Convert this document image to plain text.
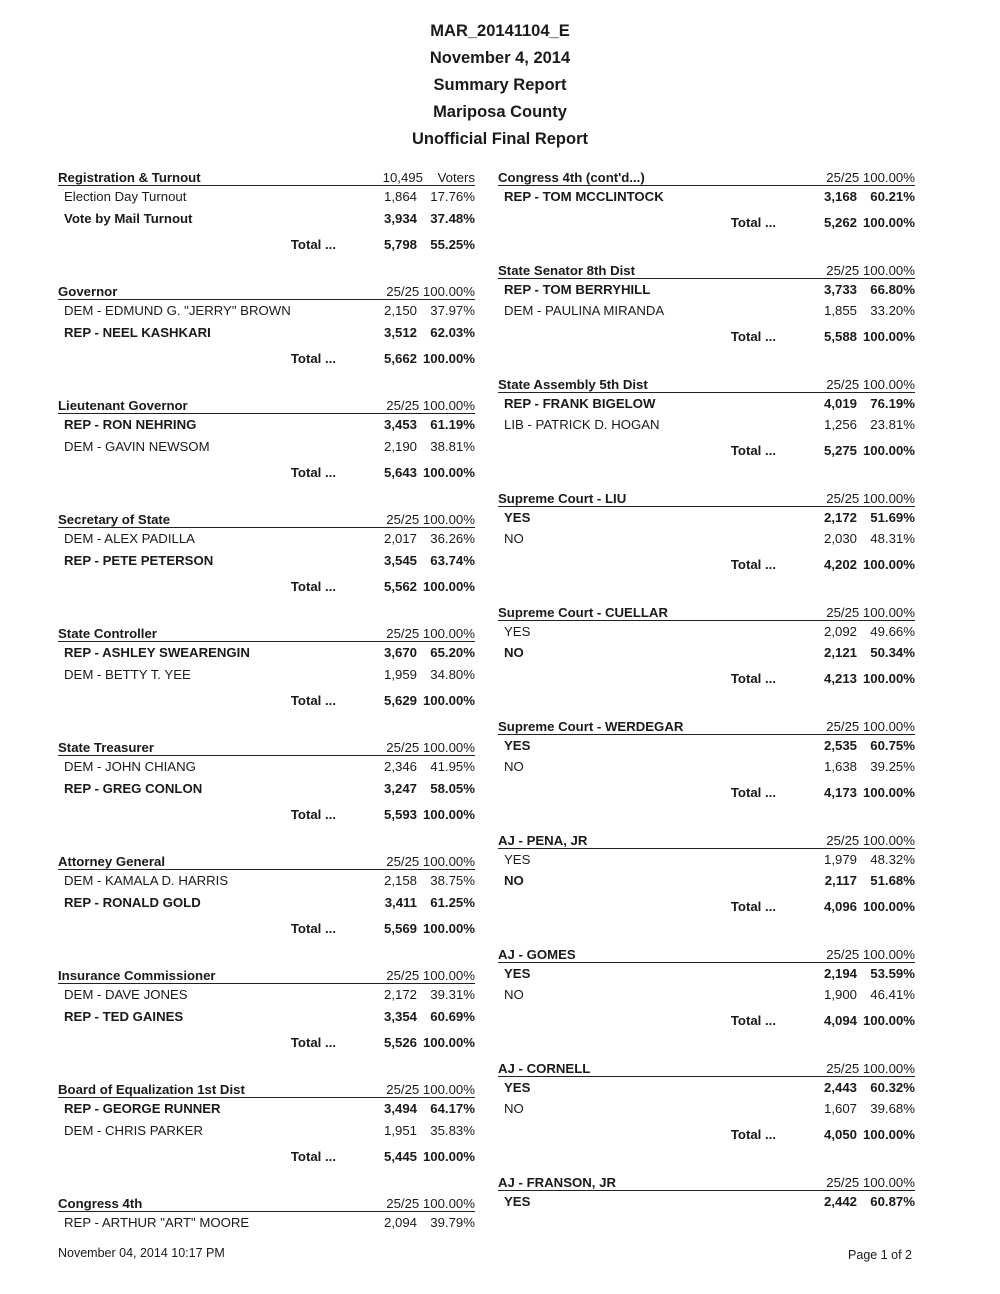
MAR_20141104_E
November 4, 2014
Summary Report
Mariposa County
Unofficial Final Report
Registration & Turnout	10,495    Voters
Election Day Turnout	1,864	17.76%
Vote by Mail Turnout	3,934	37.48%
Total ...	5,798	55.25%
Governor	25/25 100.00%
DEM - EDMUND G. "JERRY" BROWN	2,150	37.97%
REP - NEEL KASHKARI	3,512	62.03%
Total ...	5,662 100.00%
Lieutenant Governor	25/25 100.00%
REP - RON NEHRING	3,453	61.19%
DEM - GAVIN NEWSOM	2,190	38.81%
Total ...	5,643 100.00%
Secretary of State	25/25 100.00%
DEM - ALEX PADILLA	2,017	36.26%
REP - PETE PETERSON	3,545	63.74%
Total ...	5,562 100.00%
State Controller	25/25 100.00%
REP - ASHLEY SWEARENGIN	3,670	65.20%
DEM - BETTY T. YEE	1,959	34.80%
Total ...	5,629 100.00%
State Treasurer	25/25 100.00%
DEM - JOHN CHIANG	2,346	41.95%
REP - GREG CONLON	3,247	58.05%
Total ...	5,593 100.00%
Attorney General	25/25 100.00%
DEM - KAMALA D. HARRIS	2,158	38.75%
REP - RONALD GOLD	3,411	61.25%
Total ...	5,569 100.00%
Insurance Commissioner	25/25 100.00%
DEM - DAVE JONES	2,172	39.31%
REP - TED GAINES	3,354	60.69%
Total ...	5,526 100.00%
Board of Equalization 1st Dist	25/25 100.00%
REP - GEORGE RUNNER	3,494	64.17%
DEM - CHRIS PARKER	1,951	35.83%
Total ...	5,445 100.00%
Congress 4th	25/25 100.00%
REP - ARTHUR "ART" MOORE	2,094	39.79%
Congress 4th (cont'd...)	25/25 100.00%
REP - TOM MCCLINTOCK	3,168	60.21%
Total ...	5,262 100.00%
State Senator 8th Dist	25/25 100.00%
REP - TOM BERRYHILL	3,733	66.80%
DEM - PAULINA MIRANDA	1,855	33.20%
Total ...	5,588 100.00%
State Assembly 5th Dist	25/25 100.00%
REP - FRANK BIGELOW	4,019	76.19%
LIB - PATRICK D. HOGAN	1,256	23.81%
Total ...	5,275 100.00%
Supreme Court - LIU	25/25 100.00%
YES	2,172	51.69%
NO	2,030	48.31%
Total ...	4,202 100.00%
Supreme Court - CUELLAR	25/25 100.00%
YES	2,092	49.66%
NO	2,121	50.34%
Total ...	4,213 100.00%
Supreme Court - WERDEGAR	25/25 100.00%
YES	2,535	60.75%
NO	1,638	39.25%
Total ...	4,173 100.00%
AJ - PENA, JR	25/25 100.00%
YES	1,979	48.32%
NO	2,117	51.68%
Total ...	4,096 100.00%
AJ - GOMES	25/25 100.00%
YES	2,194	53.59%
NO	1,900	46.41%
Total ...	4,094 100.00%
AJ - CORNELL	25/25 100.00%
YES	2,443	60.32%
NO	1,607	39.68%
Total ...	4,050 100.00%
AJ - FRANSON, JR	25/25 100.00%
YES	2,442	60.87%
November 04, 2014 10:17 PM	Page 1 of 2
